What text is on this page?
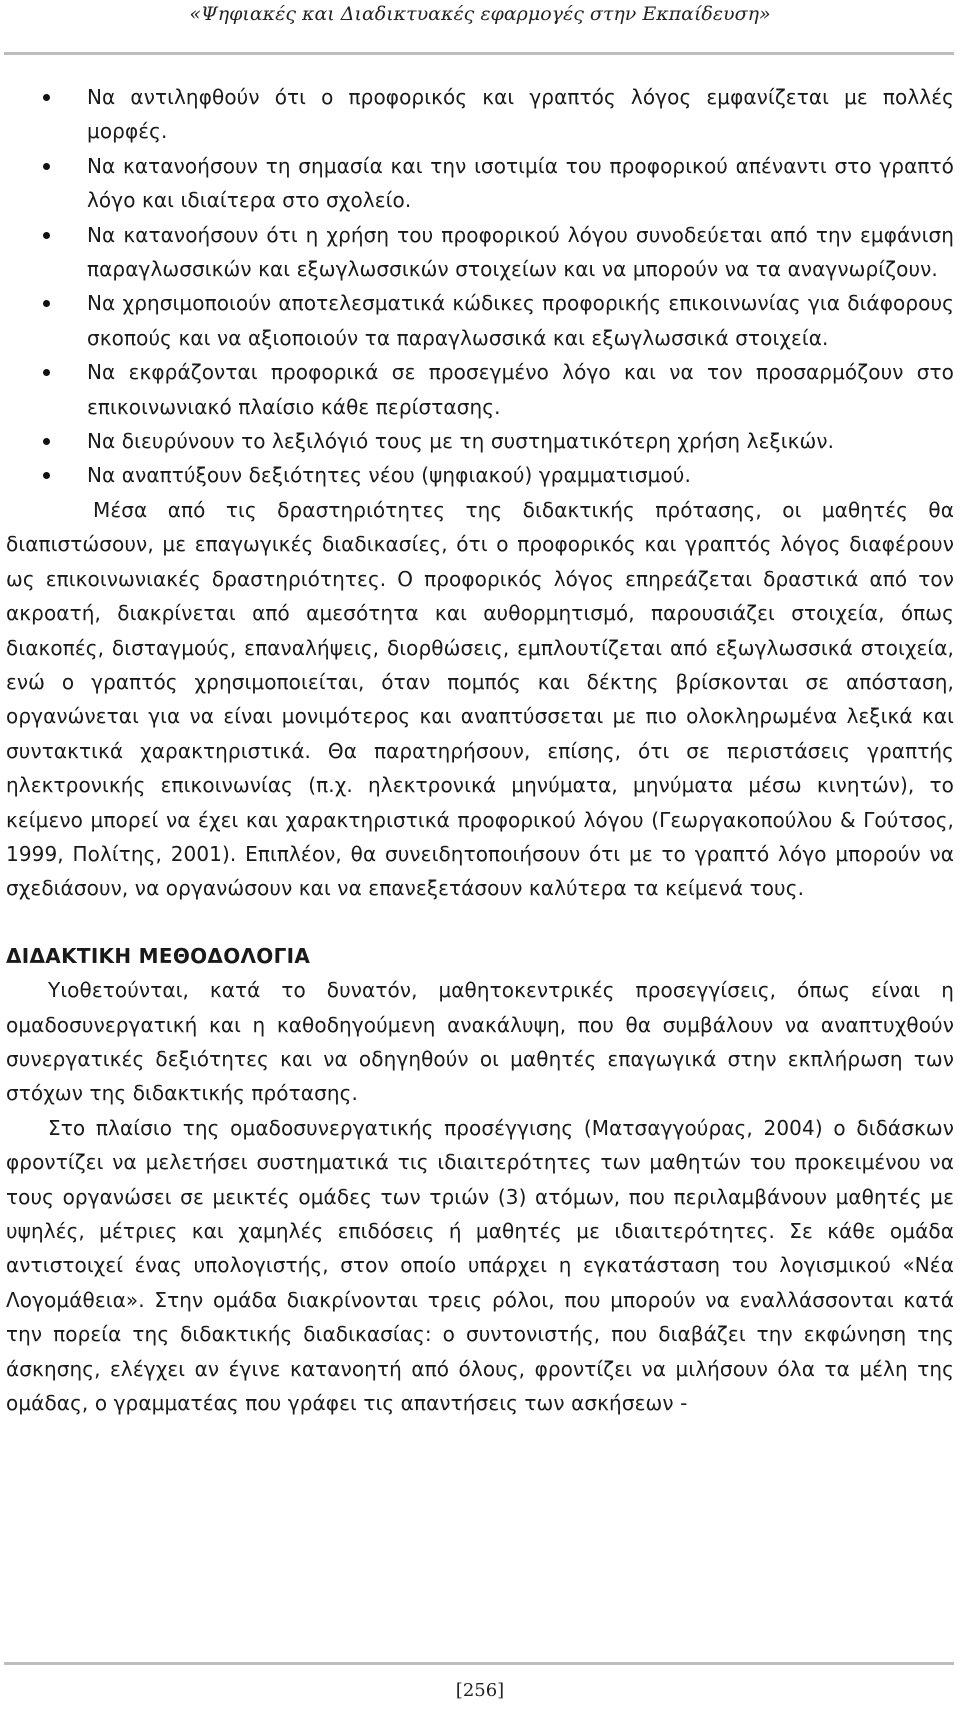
«Ψηφιακές και Διαδικτυακές εφαρμογές στην Εκπαίδευση»
Να αντιληφθούν ότι ο προφορικός και γραπτός λόγος εμφανίζεται με πολλές μορφές.
Να κατανοήσουν τη σημασία και την ισοτιμία του προφορικού απέναντι στο γραπτό λόγο και ιδιαίτερα στο σχολείο.
Να κατανοήσουν ότι η χρήση του προφορικού λόγου συνοδεύεται από την εμφάνιση παραγλωσσικών και εξωγλωσσικών στοιχείων και να μπορούν να τα αναγνωρίζουν.
Να χρησιμοποιούν αποτελεσματικά κώδικες προφορικής επικοινωνίας για διάφορους σκοπούς και να αξιοποιούν τα παραγλωσσικά και εξωγλωσσικά στοιχεία.
Να εκφράζονται προφορικά σε προσεγμένο λόγο και να τον προσαρμόζουν στο επικοινωνιακό πλαίσιο κάθε περίστασης.
Να διευρύνουν το λεξιλόγιό τους με τη συστηματικότερη χρήση λεξικών.
Να αναπτύξουν δεξιότητες νέου (ψηφιακού) γραμματισμού.

Μέσα από τις δραστηριότητες της διδακτικής πρότασης, οι μαθητές θα διαπιστώσουν, με επαγωγικές διαδικασίες, ότι ο προφορικός και γραπτός λόγος διαφέρουν ως επικοινωνιακές δραστηριότητες. Ο προφορικός λόγος επηρεάζεται δραστικά από τον ακροατή, διακρίνεται από αμεσότητα και αυθορμητισμό, παρουσιάζει στοιχεία, όπως διακοπές, δισταγμούς, επαναλήψεις, διορθώσεις, εμπλουτίζεται από εξωγλωσσικά στοιχεία, ενώ ο γραπτός χρησιμοποιείται, όταν πομπός και δέκτης βρίσκονται σε απόσταση, οργανώνεται για να είναι μονιμότερος και αναπτύσσεται με πιο ολοκληρωμένα λεξικά και συντακτικά χαρακτηριστικά. Θα παρατηρήσουν, επίσης, ότι σε περιστάσεις γραπτής ηλεκτρονικής επικοινωνίας (π.χ. ηλεκτρονικά μηνύματα, μηνύματα μέσω κινητών), το κείμενο μπορεί να έχει και χαρακτηριστικά προφορικού λόγου (Γεωργακοπούλου & Γούτσος, 1999, Πολίτης, 2001). Επιπλέον, θα συνειδητοποιήσουν ότι με το γραπτό λόγο μπορούν να σχεδιάσουν, να οργανώσουν και να επανεξετάσουν καλύτερα τα κείμενά τους.

ΔΙΔΑΚΤΙΚΗ ΜΕΘΟΔΟΛΟΓΙΑ

Υιοθετούνται, κατά το δυνατόν, μαθητοκεντρικές προσεγγίσεις, όπως είναι η ομαδοσυνεργατική και η καθοδηγούμενη ανακάλυψη, που θα συμβάλουν να αναπτυχθούν συνεργατικές δεξιότητες και να οδηγηθούν οι μαθητές επαγωγικά στην εκπλήρωση των στόχων της διδακτικής πρότασης.

Στο πλαίσιο της ομαδοσυνεργατικής προσέγγισης (Ματσαγγούρας, 2004) ο διδάσκων φροντίζει να μελετήσει συστηματικά τις ιδιαιτερότητες των μαθητών του προκειμένου να τους οργανώσει σε μεικτές ομάδες των τριών (3) ατόμων, που περιλαμβάνουν μαθητές με υψηλές, μέτριες και χαμηλές επιδόσεις ή μαθητές με ιδιαιτερότητες. Σε κάθε ομάδα αντιστοιχεί ένας υπολογιστής, στον οποίο υπάρχει η εγκατάσταση του λογισμικού «Νέα Λογομάθεια». Στην ομάδα διακρίνονται τρεις ρόλοι, που μπορούν να εναλλάσσονται κατά την πορεία της διδακτικής διαδικασίας: ο συντονιστής, που διαβάζει την εκφώνηση της άσκησης, ελέγχει αν έγινε κατανοητή από όλους, φροντίζει να μιλήσουν όλα τα μέλη της ομάδας, ο γραμματέας που γράφει τις απαντήσεις των ασκήσεων -

[256]
